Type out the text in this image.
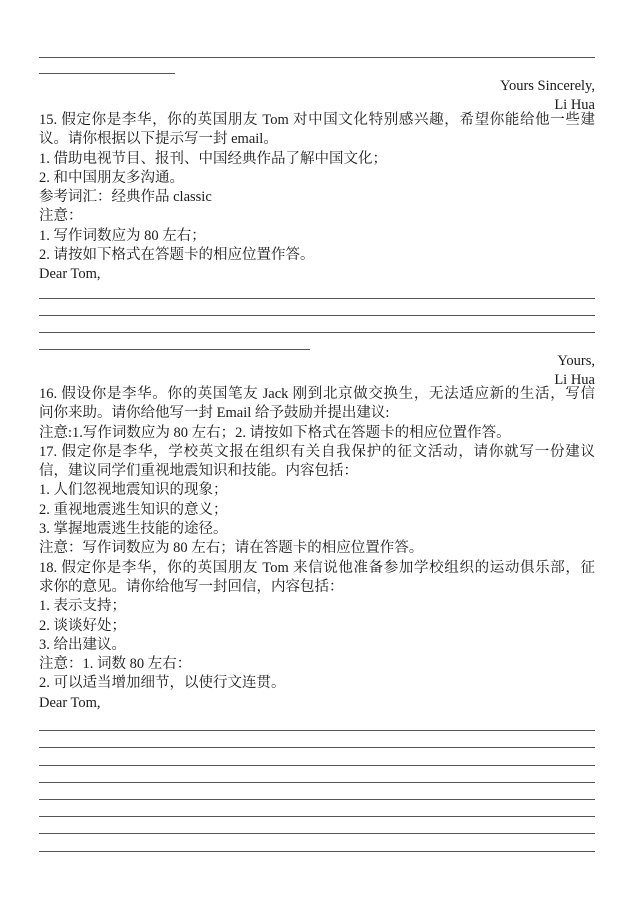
Yours Sincerely,
Li Hua
15. 假定你是李华，你的英国朋友 Tom 对中国文化特别感兴趣，希望你能给他一些建
议。请你根据以下提示写一封 email。
1. 借助电视节目、报刊、中国经典作品了解中国文化；
2. 和中国朋友多沟通。
参考词汇：经典作品 classic
注意：
1. 写作词数应为 80 左右；
2. 请按如下格式在答题卡的相应位置作答。
Dear Tom,
Yours,
Li Hua
16. 假设你是李华。你的英国笔友 Jack 刚到北京做交换生，无法适应新的生活，写信
问你来助。请你给他写一封 Email 给予鼓励并提出建议:
注意:1.写作词数应为 80 左右；2. 请按如下格式在答题卡的相应位置作答。
17. 假定你是李华，学校英文报在组织有关自我保护的征文活动，请你就写一份建议
信，建议同学们重视地震知识和技能。内容包括：
1. 人们忽视地震知识的现象；
2. 重视地震逃生知识的意义；
3. 掌握地震逃生技能的途径。
注意：写作词数应为 80 左右；请在答题卡的相应位置作答。
18. 假定你是李华，你的英国朋友 Tom 来信说他准备参加学校组织的运动俱乐部，征
求你的意见。请你给他写一封回信，内容包括：
1. 表示支持；
2. 谈谈好处；
3. 给出建议。
注意：1. 词数 80 左右：
2. 可以适当增加细节，以使行文连贯。
Dear Tom,
